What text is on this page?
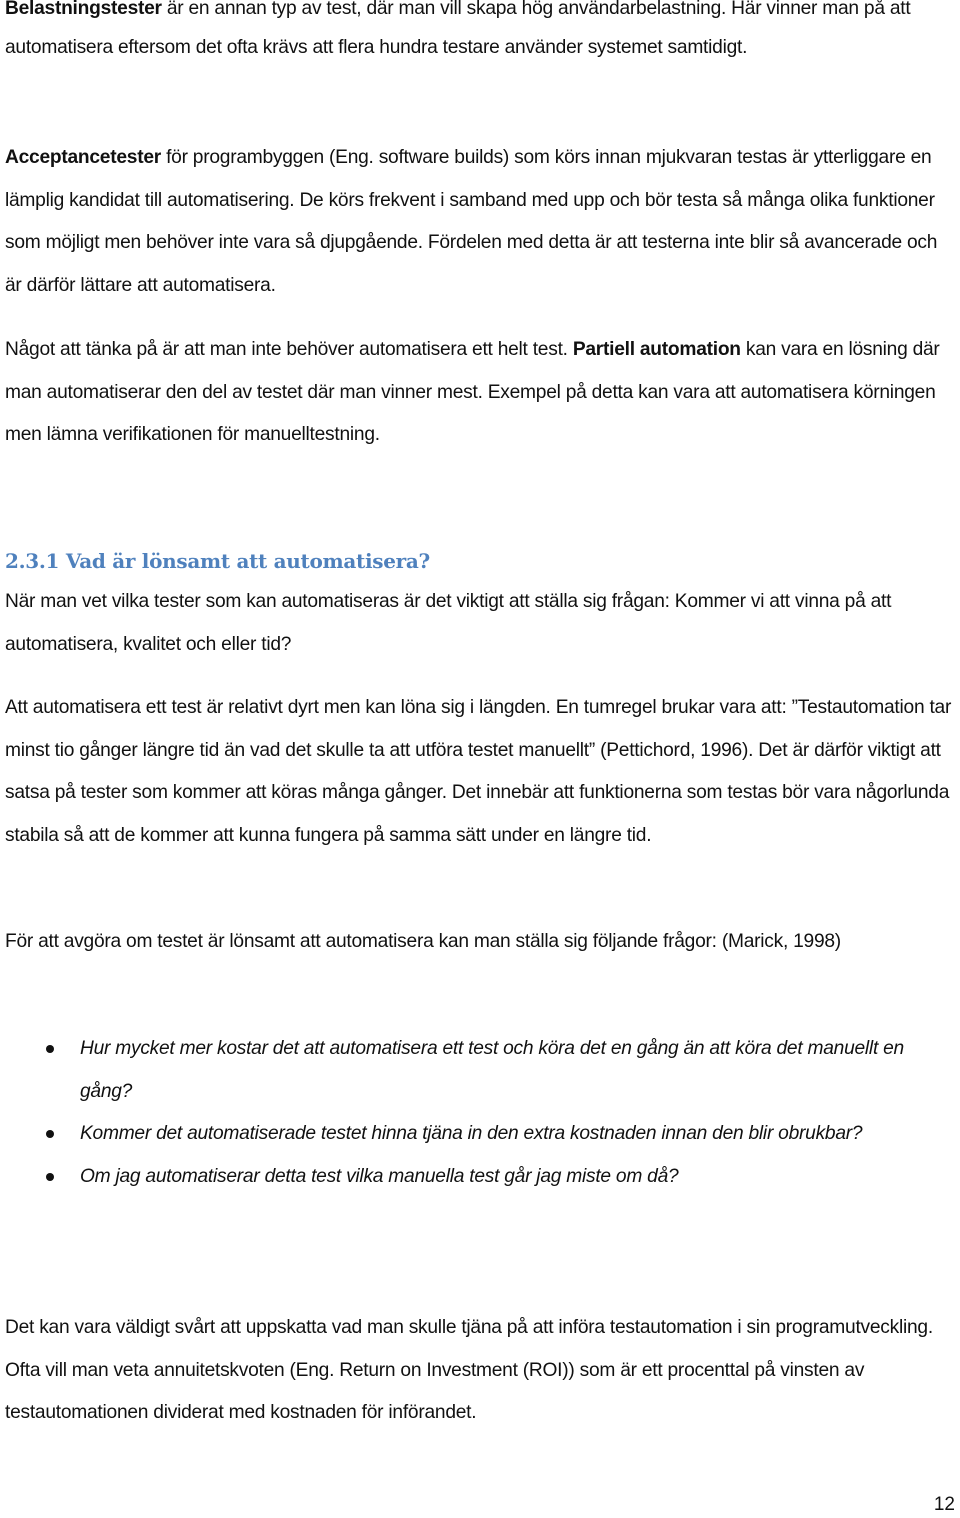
Belastningstester är en annan typ av test, där man vill skapa hög användarbelastning. Här vinner man på att automatisera eftersom det ofta krävs att flera hundra testare använder systemet samtidigt.

Acceptancetester för programbyggen (Eng. software builds) som körs innan mjukvaran testas är ytterliggare en lämplig kandidat till automatisering. De körs frekvent i samband med upp och bör testa så många olika funktioner som möjligt men behöver inte vara så djupgående. Fördelen med detta är att testerna inte blir så avancerade och är därför lättare att automatisera.

Något att tänka på är att man inte behöver automatisera ett helt test. Partiell automation kan vara en lösning där man automatiserar den del av testet där man vinner mest. Exempel på detta kan vara att automatisera körningen men lämna verifikationen för manuelltestning.

2.3.1 Vad är lönsamt att automatisera?

När man vet vilka tester som kan automatiseras är det viktigt att ställa sig frågan: Kommer vi att vinna på att automatisera, kvalitet och eller tid?

Att automatisera ett test är relativt dyrt men kan löna sig i längden. En tumregel brukar vara att: ”Testautomation tar minst tio gånger längre tid än vad det skulle ta att utföra testet manuellt” (Pettichord, 1996). Det är därför viktigt att satsa på tester som kommer att köras många gånger. Det innebär att funktionerna som testas bör vara någorlunda stabila så att de kommer att kunna fungera på samma sätt under en längre tid.

För att avgöra om testet är lönsamt att automatisera kan man ställa sig följande frågor: (Marick, 1998)

Hur mycket mer kostar det att automatisera ett test och köra det en gång än att köra det manuellt en gång?
Kommer det automatiserade testet hinna tjäna in den extra kostnaden innan den blir obrukbar?
Om jag automatiserar detta test vilka manuella test går jag miste om då?

Det kan vara väldigt svårt att uppskatta vad man skulle tjäna på att införa testautomation i sin programutveckling. Ofta vill man veta annuitetskvoten (Eng. Return on Investment (ROI)) som är ett procenttal på vinsten av testautomationen dividerat med kostnaden för införandet.

12
